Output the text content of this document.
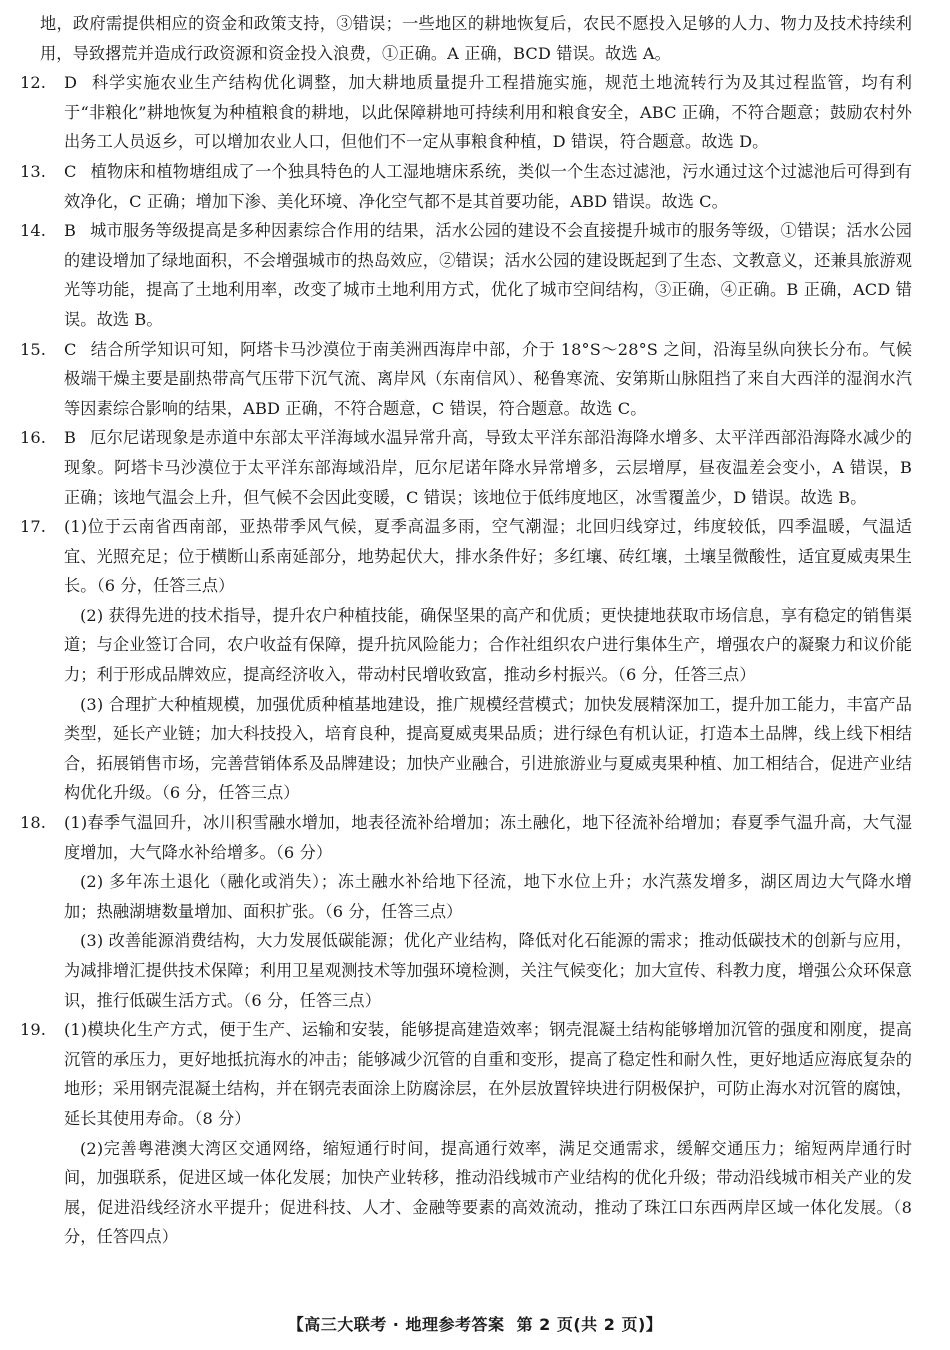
地，政府需提供相应的资金和政策支持，③错误；一些地区的耕地恢复后，农民不愿投入足够的人力、物力及技术持续利用，导致撂荒并造成行政资源和资金投入浪费，①正确。A 正确，BCD 错误。故选 A。

12.	D 科学实施农业生产结构优化调整，加大耕地质量提升工程措施实施，规范土地流转行为及其过程监管，均有利于“非粮化”耕地恢复为种植粮食的耕地，以此保障耕地可持续利用和粮食安全，ABC 正确，不符合题意；鼓励农村外出务工人员返乡，可以增加农业人口，但他们不一定从事粮食种植，D 错误，符合题意。故选 D。
13.	C 植物床和植物塘组成了一个独具特色的人工湿地塘床系统，类似一个生态过滤池，污水通过这个过滤池后可得到有效净化，C 正确；增加下渗、美化环境、净化空气都不是其首要功能，ABD 错误。故选 C。
14.	B 城市服务等级提高是多种因素综合作用的结果，活水公园的建设不会直接提升城市的服务等级，①错误；活水公园的建设增加了绿地面积，不会增强城市的热岛效应，②错误；活水公园的建设既起到了生态、文教意义，还兼具旅游观光等功能，提高了土地利用率，改变了城市土地利用方式，优化了城市空间结构，③正确，④正确。B 正确，ACD 错误。故选 B。
15.	C 结合所学知识可知，阿塔卡马沙漠位于南美洲西海岸中部，介于 18°S～28°S 之间，沿海呈纵向狭长分布。气候极端干燥主要是副热带高气压带下沉气流、离岸风（东南信风）、秘鲁寒流、安第斯山脉阻挡了来自大西洋的湿润水汽等因素综合影响的结果，ABD 正确，不符合题意，C 错误，符合题意。故选 C。
16.	B 厄尔尼诺现象是赤道中东部太平洋海域水温异常升高，导致太平洋东部沿海降水增多、太平洋西部沿海降水减少的现象。阿塔卡马沙漠位于太平洋东部海域沿岸，厄尔尼诺年降水异常增多，云层增厚，昼夜温差会变小，A 错误，B 正确；该地气温会上升，但气候不会因此变暖，C 错误；该地位于低纬度地区，冰雪覆盖少，D 错误。故选 B。
17.	(1)位于云南省西南部，亚热带季风气候，夏季高温多雨，空气潮湿；北回归线穿过，纬度较低，四季温暖，气温适宜、光照充足；位于横断山系南延部分，地势起伏大，排水条件好；多红壤、砖红壤，土壤呈微酸性，适宜夏威夷果生长。（6 分，任答三点）

(2) 获得先进的技术指导，提升农户种植技能，确保坚果的高产和优质；更快捷地获取市场信息，享有稳定的销售渠道；与企业签订合同，农户收益有保障，提升抗风险能力；合作社组织农户进行集体生产，增强农户的凝聚力和议价能力；利于形成品牌效应，提高经济收入，带动村民增收致富，推动乡村振兴。（6 分，任答三点）

(3) 合理扩大种植规模，加强优质种植基地建设，推广规模经营模式；加快发展精深加工，提升加工能力，丰富产品类型，延长产业链；加大科技投入，培育良种，提高夏威夷果品质；进行绿色有机认证，打造本土品牌，线上线下相结合，拓展销售市场，完善营销体系及品牌建设；加快产业融合，引进旅游业与夏威夷果种植、加工相结合，促进产业结构优化升级。（6 分，任答三点）

18.	(1)春季气温回升，冰川积雪融水增加，地表径流补给增加；冻土融化，地下径流补给增加；春夏季气温升高，大气湿度增加，大气降水补给增多。（6 分）

(2) 多年冻土退化（融化或消失）；冻土融水补给地下径流，地下水位上升；水汽蒸发增多，湖区周边大气降水增加；热融湖塘数量增加、面积扩张。（6 分，任答三点）

(3) 改善能源消费结构，大力发展低碳能源；优化产业结构，降低对化石能源的需求；推动低碳技术的创新与应用，为减排增汇提供技术保障；利用卫星观测技术等加强环境检测，关注气候变化；加大宣传、科教力度，增强公众环保意识，推行低碳生活方式。（6 分，任答三点）

19.	(1)模块化生产方式，便于生产、运输和安装，能够提高建造效率；钢壳混凝土结构能够增加沉管的强度和刚度，提高沉管的承压力，更好地抵抗海水的冲击；能够减少沉管的自重和变形，提高了稳定性和耐久性，更好地适应海底复杂的地形；采用钢壳混凝土结构，并在钢壳表面涂上防腐涂层，在外层放置锌块进行阴极保护，可防止海水对沉管的腐蚀，延长其使用寿命。（8 分）

(2)完善粤港澳大湾区交通网络，缩短通行时间，提高通行效率，满足交通需求，缓解交通压力；缩短两岸通行时间，加强联系，促进区域一体化发展；加快产业转移，推动沿线城市产业结构的优化升级；带动沿线城市相关产业的发展，促进沿线经济水平提升；促进科技、人才、金融等要素的高效流动，推动了珠江口东西两岸区域一体化发展。（8 分，任答四点）

【高三大联考 · 地理参考答案 第 2 页(共 2 页)】
